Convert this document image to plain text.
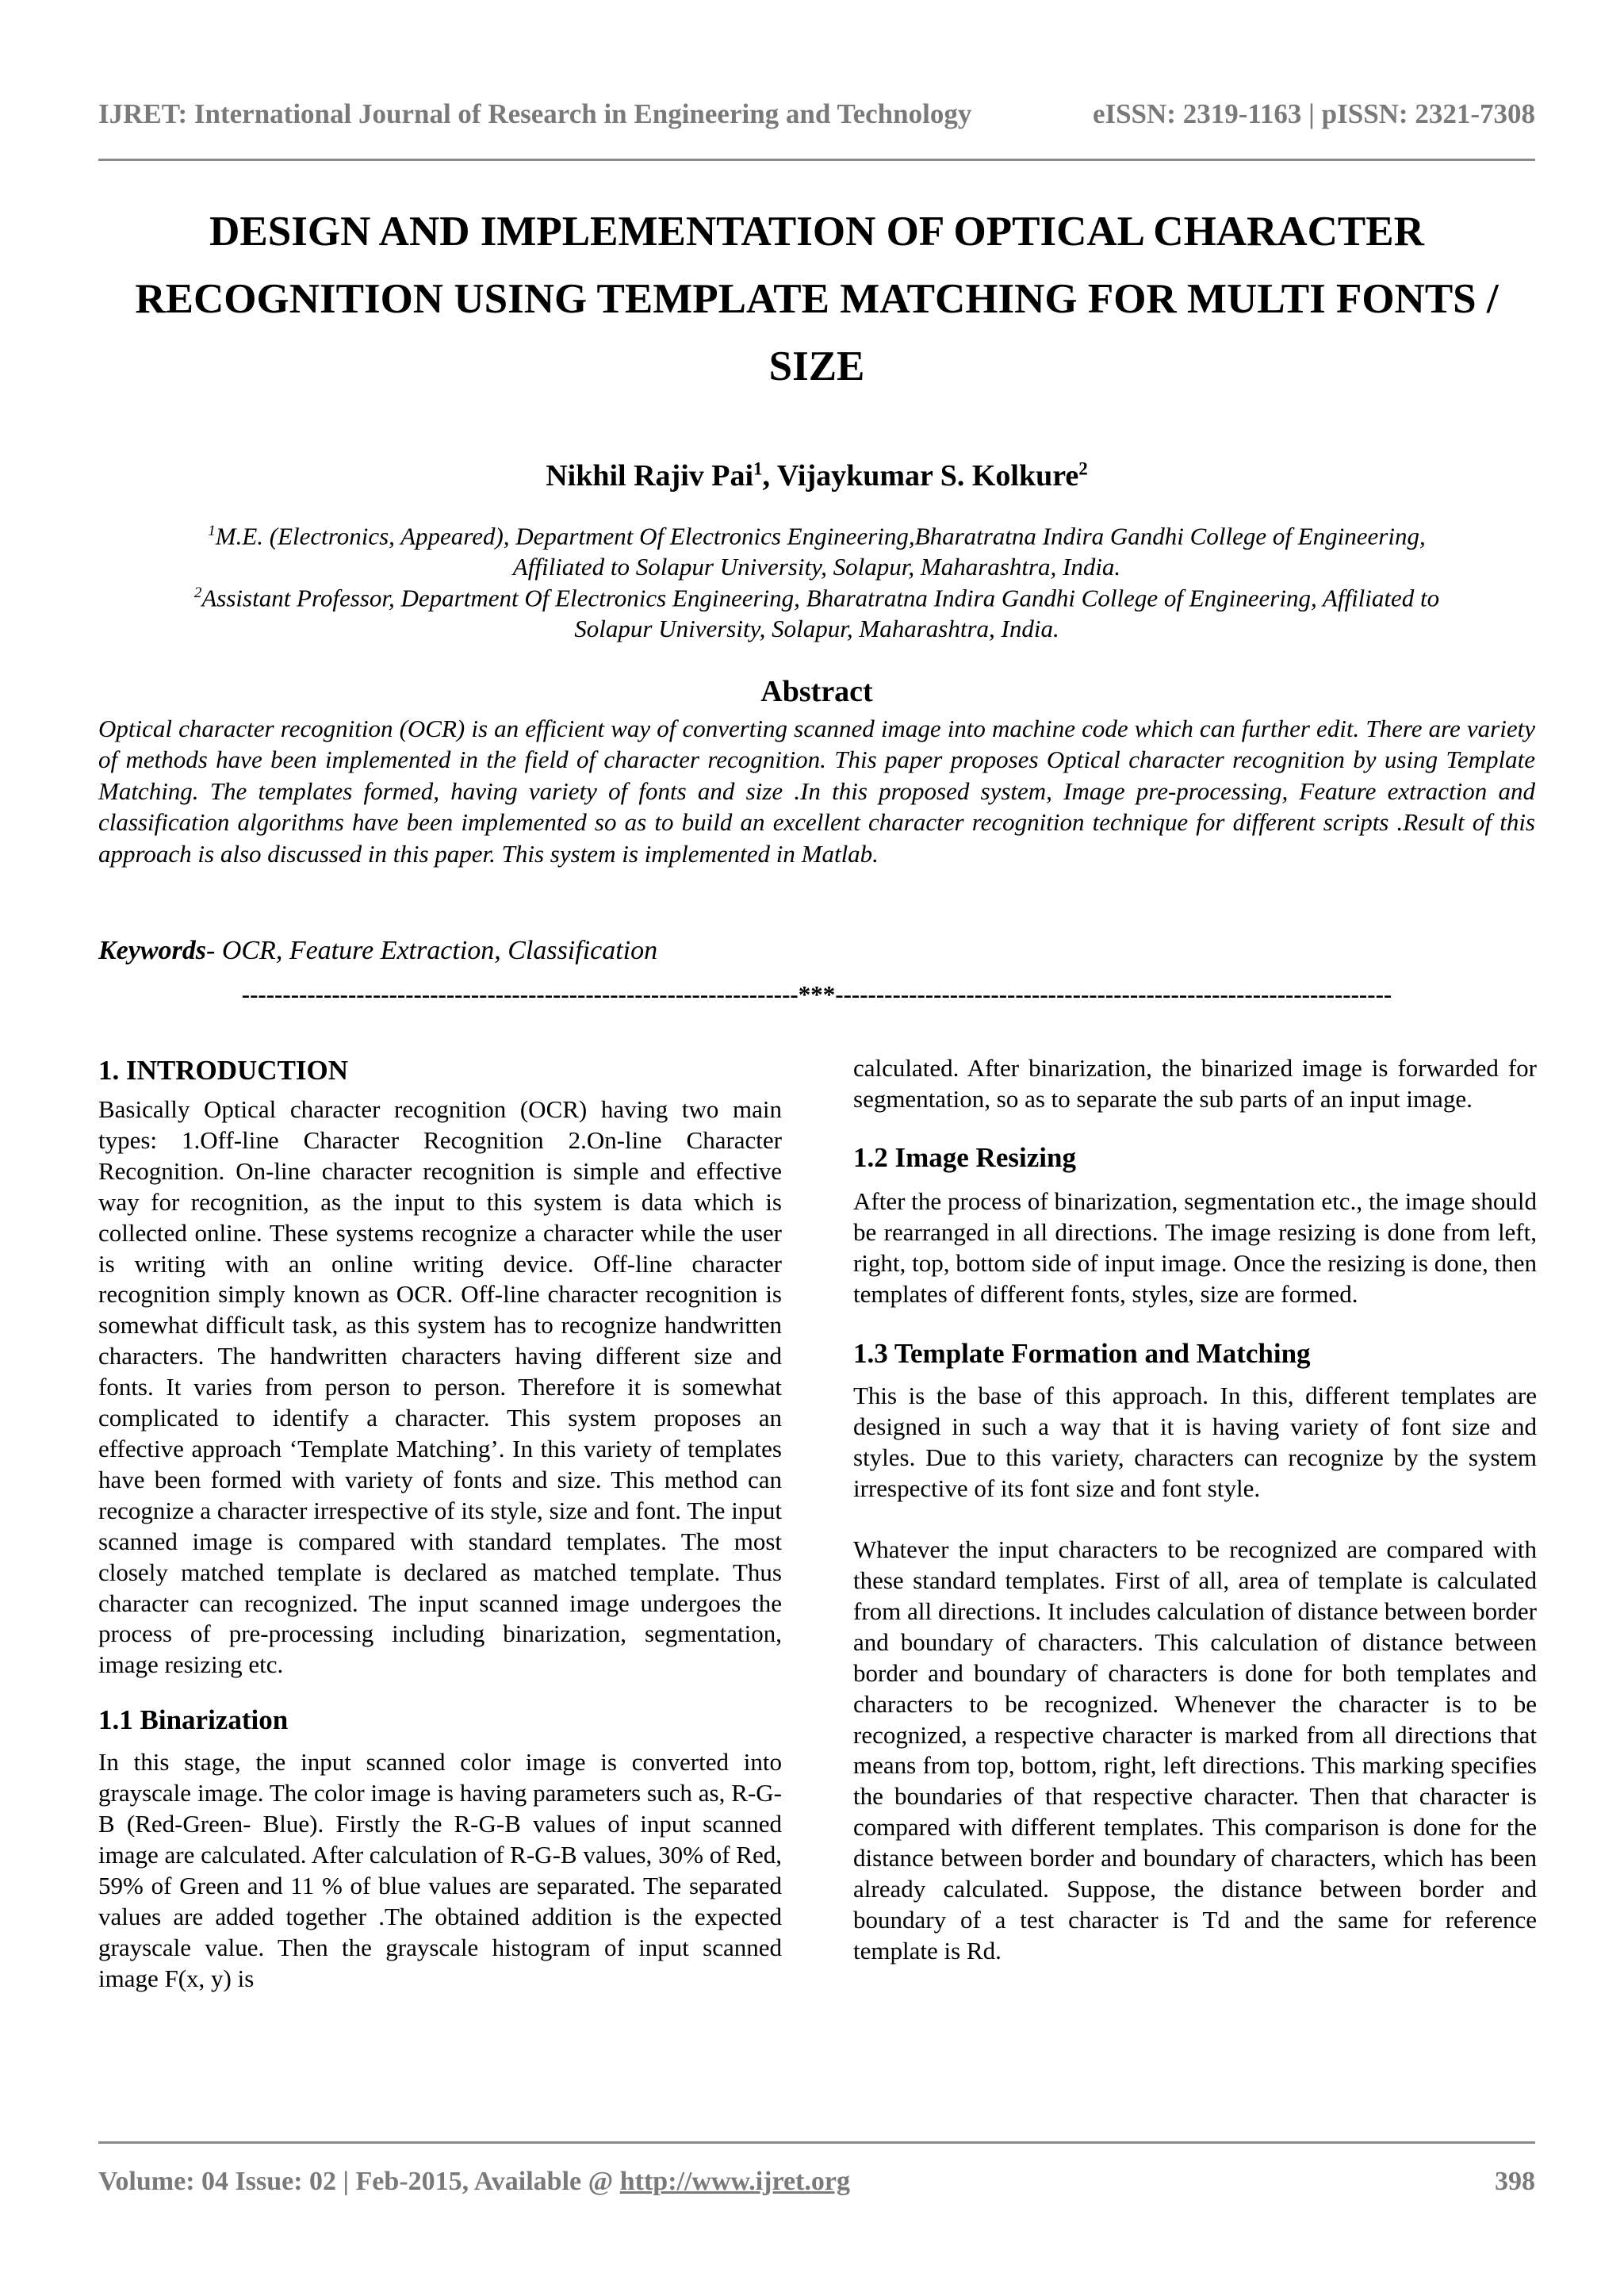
IJRET: International Journal of Research in Engineering and Technology	eISSN: 2319-1163 | pISSN: 2321-7308
DESIGN AND IMPLEMENTATION OF OPTICAL CHARACTER
RECOGNITION USING TEMPLATE MATCHING FOR MULTI FONTS /
SIZE
Nikhil Rajiv Pai$^1$, Vijaykumar S. Kolkure$^2$
$^1$M.E. (Electronics, Appeared), Department Of Electronics Engineering,Bharatratna Indira Gandhi College of Engineering,
Affiliated to Solapur University, Solapur, Maharashtra, India.
$^2$Assistant Professor, Department Of Electronics Engineering, Bharatratna Indira Gandhi College of Engineering, Affiliated to
Solapur University, Solapur, Maharashtra, India.
Abstract
Optical character recognition (OCR) is an efficient way of converting scanned image into machine code which can further edit. There are variety of methods have been implemented in the field of character recognition. This paper proposes Optical character recognition by using Template Matching. The templates formed, having variety of fonts and size .In this proposed system, Image pre-processing, Feature extraction and classification algorithms have been implemented so as to build an excellent character recognition technique for different scripts .Result of this approach is also discussed in this paper. This system is implemented in Matlab.
Keywords- OCR, Feature Extraction, Classification
--------------------------------------------------------------------***--------------------------------------------------------------------
1. INTRODUCTION

Basically Optical character recognition (OCR) having two main types: 1.Off-line Character Recognition 2.On-line Character Recognition. On-line character recognition is simple and effective way for recognition, as the input to this system is data which is collected online. These systems recognize a character while the user is writing with an online writing device. Off-line character recognition simply known as OCR. Off-line character recognition is somewhat difficult task, as this system has to recognize handwritten characters. The handwritten characters having different size and fonts. It varies from person to person. Therefore it is somewhat complicated to identify a character. This system proposes an effective approach ‘Template Matching’. In this variety of templates have been formed with variety of fonts and size. This method can recognize a character irrespective of its style, size and font. The input scanned image is compared with standard templates. The most closely matched template is declared as matched template. Thus character can recognized. The input scanned image undergoes the process of pre-processing including binarization, segmentation, image resizing etc.

1.1 Binarization

In this stage, the input scanned color image is converted into grayscale image. The color image is having parameters such as, R-G-B (Red-Green- Blue). Firstly the R-G-B values of input scanned image are calculated. After calculation of R-G-B values, 30% of Red, 59% of Green and 11 % of blue values are separated. The separated values are added together .The obtained addition is the expected grayscale value. Then the grayscale histogram of input scanned image F(x, y) is

calculated. After binarization, the binarized image is forwarded for segmentation, so as to separate the sub parts of an input image.

1.2 Image Resizing

After the process of binarization, segmentation etc., the image should be rearranged in all directions. The image resizing is done from left, right, top, bottom side of input image. Once the resizing is done, then templates of different fonts, styles, size are formed.

1.3 Template Formation and Matching

This is the base of this approach. In this, different templates are designed in such a way that it is having variety of font size and styles. Due to this variety, characters can recognize by the system irrespective of its font size and font style.

Whatever the input characters to be recognized are compared with these standard templates. First of all, area of template is calculated from all directions. It includes calculation of distance between border and boundary of characters. This calculation of distance between border and boundary of characters is done for both templates and characters to be recognized. Whenever the character is to be recognized, a respective character is marked from all directions that means from top, bottom, right, left directions. This marking specifies the boundaries of that respective character. Then that character is compared with different templates. This comparison is done for the distance between border and boundary of characters, which has been already calculated. Suppose, the distance between border and boundary of a test character is Td and the same for reference template is Rd.

Volume: 04 Issue: 02 | Feb-2015, Available @ http://www.ijret.org	398
